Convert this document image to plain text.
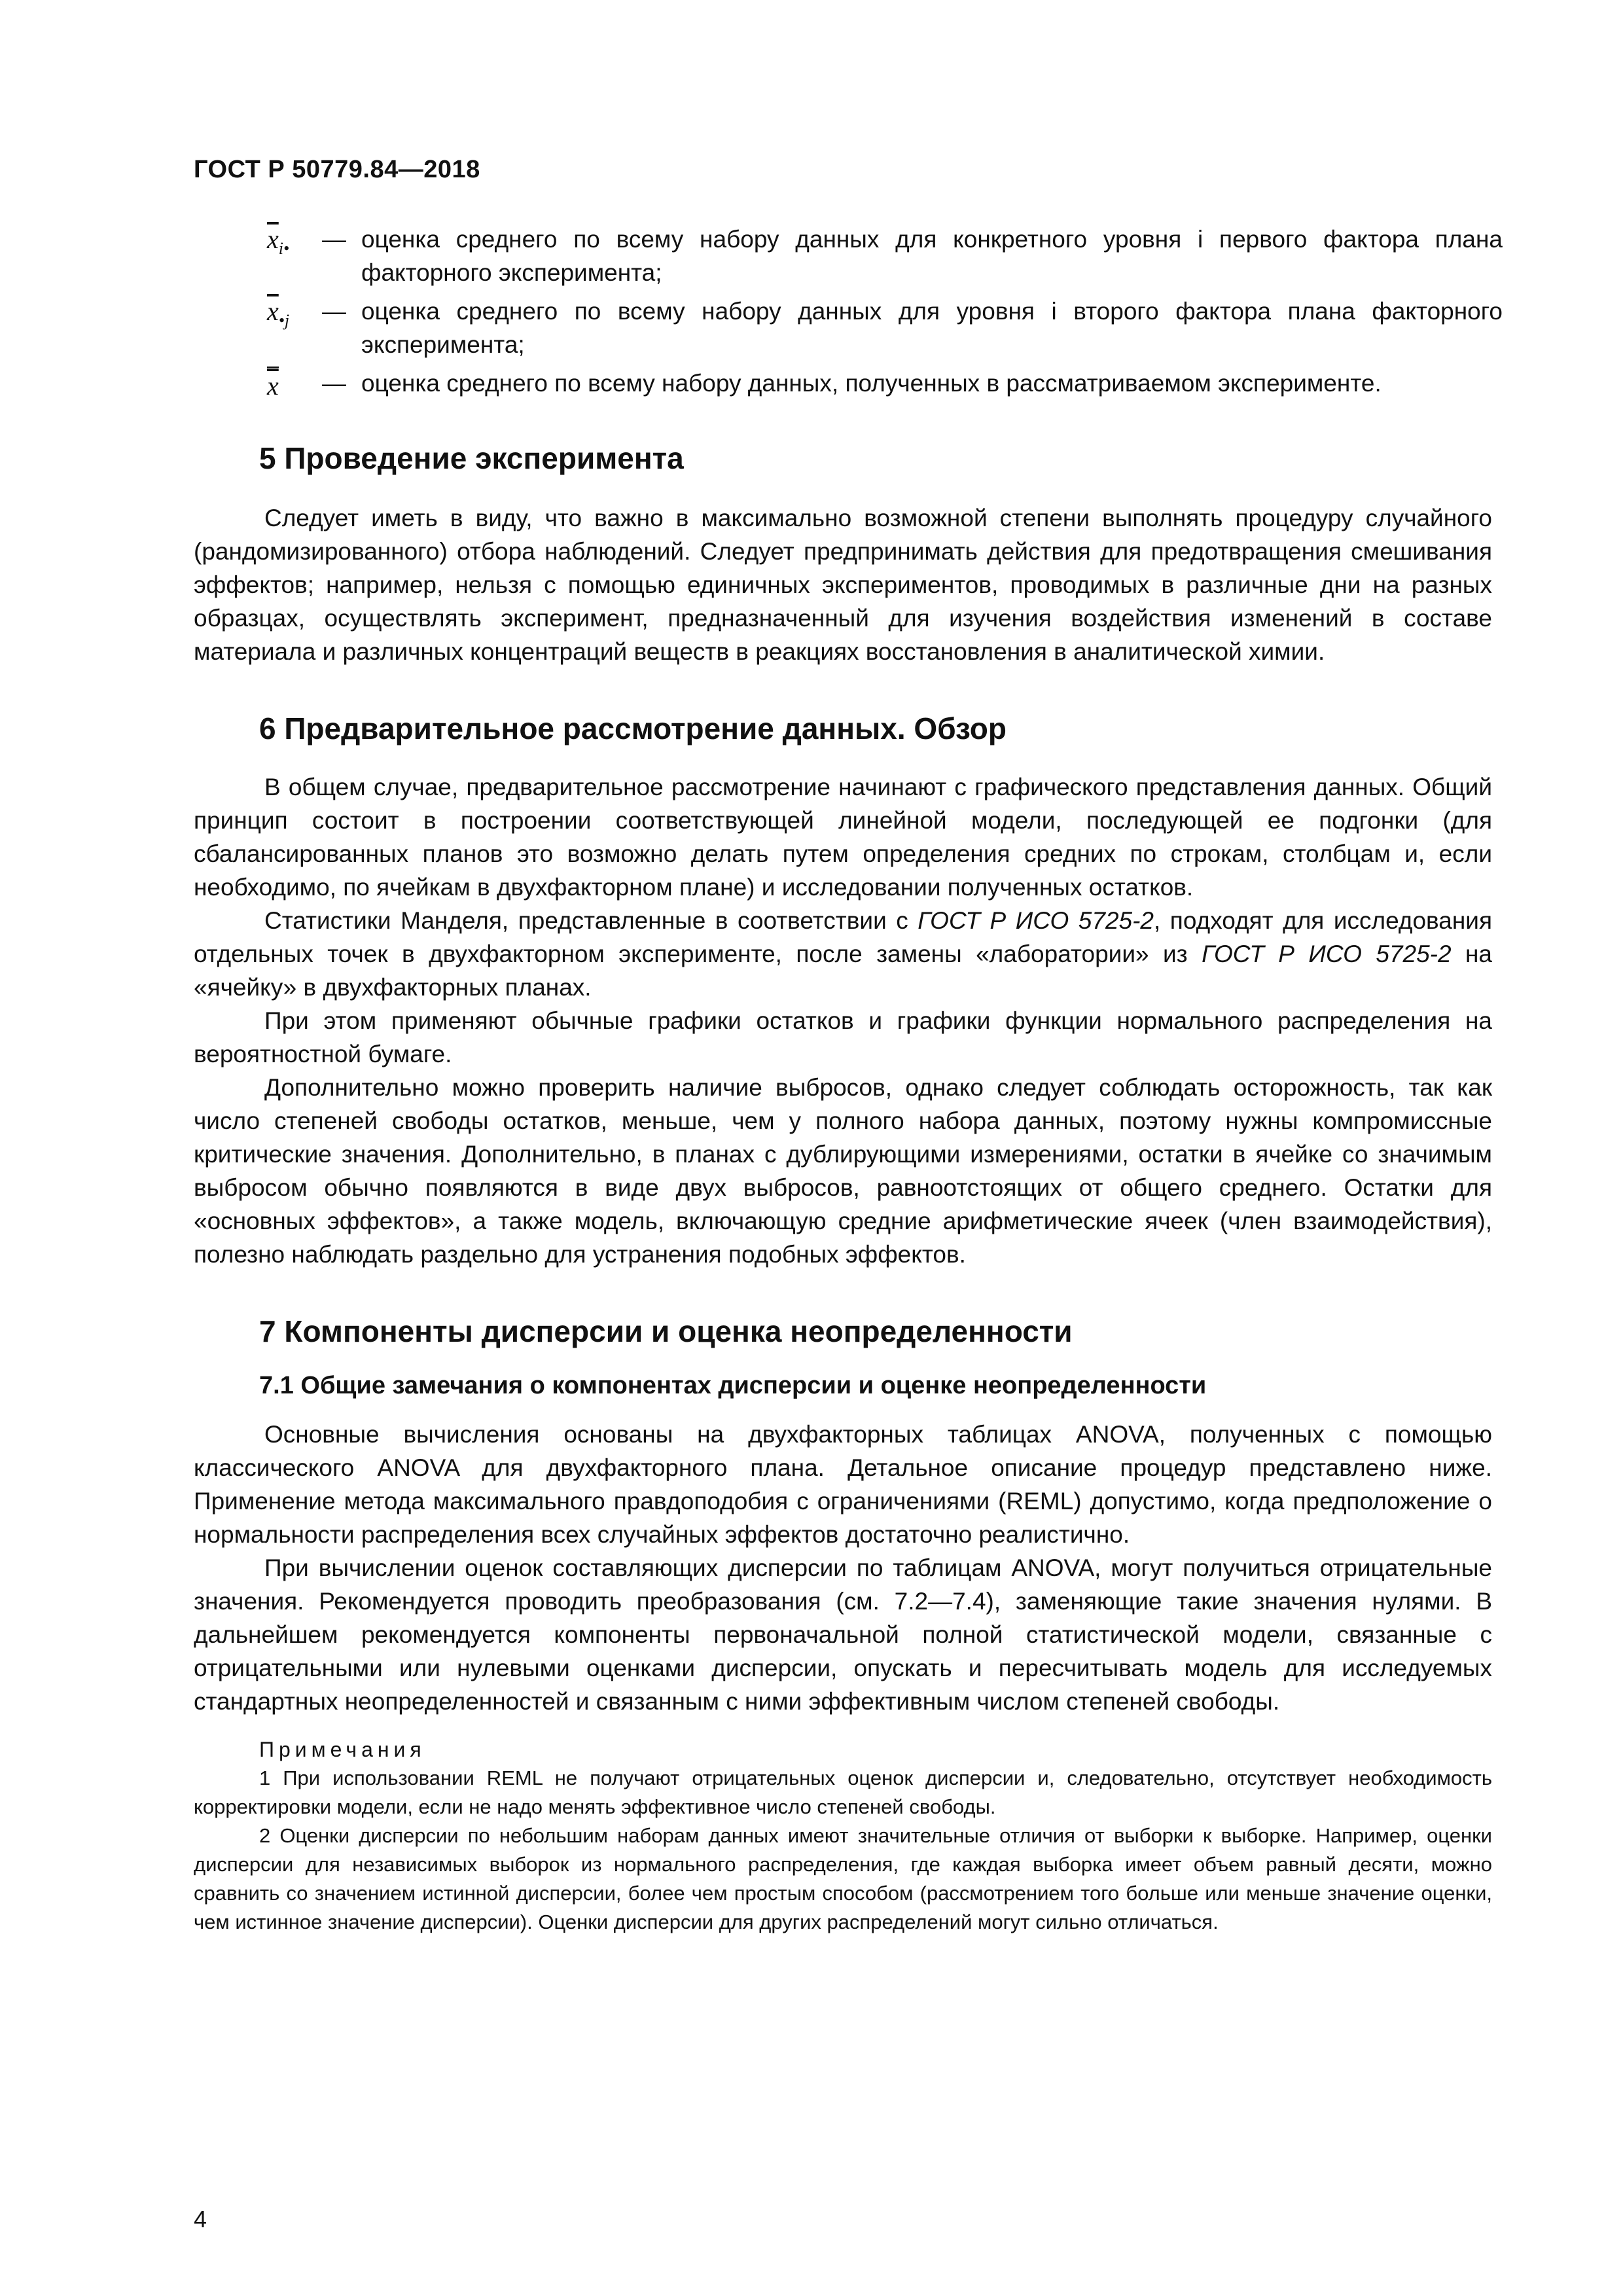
ГОСТ Р 50779.84—2018
$\overline{x}_{i•}$	— оценка среднего по всему набору данных для конкретного уровня i первого фактора плана факторного эксперимента;
$\overline{x}_{•j}$	— оценка среднего по всему набору данных для уровня i второго фактора плана факторного эксперимента;
$\overline{x}$	— оценка среднего по всему набору данных, полученных в рассматриваемом эксперименте.
5 Проведение эксперимента

Следует иметь в виду, что важно в максимально возможной степени выполнять процедуру случайного (рандомизированного) отбора наблюдений. Следует предпринимать действия для предотвращения смешивания эффектов; например, нельзя с помощью единичных экспериментов, проводимых в различные дни на разных образцах, осуществлять эксперимент, предназначенный для изучения воздействия изменений в составе материала и различных концентраций веществ в реакциях восстановления в аналитической химии.

6 Предварительное рассмотрение данных. Обзор

В общем случае, предварительное рассмотрение начинают с графического представления данных. Общий принцип состоит в построении соответствующей линейной модели, последующей ее подгонки (для сбалансированных планов это возможно делать путем определения средних по строкам, столбцам и, если необходимо, по ячейкам в двухфакторном плане) и исследовании полученных остатков.

Статистики Манделя, представленные в соответствии с ГОСТ Р ИСО 5725-2, подходят для исследования отдельных точек в двухфакторном эксперименте, после замены «лаборатории» из ГОСТ Р ИСО 5725-2 на «ячейку» в двухфакторных планах.

При этом применяют обычные графики остатков и графики функции нормального распределения на вероятностной бумаге.

Дополнительно можно проверить наличие выбросов, однако следует соблюдать осторожность, так как число степеней свободы остатков, меньше, чем у полного набора данных, поэтому нужны компромиссные критические значения. Дополнительно, в планах с дублирующими измерениями, остатки в ячейке со значимым выбросом обычно появляются в виде двух выбросов, равноотстоящих от общего среднего. Остатки для «основных эффектов», а также модель, включающую средние арифметические ячеек (член взаимодействия), полезно наблюдать раздельно для устранения подобных эффектов.

7 Компоненты дисперсии и оценка неопределенности
7.1 Общие замечания о компонентах дисперсии и оценке неопределенности

Основные вычисления основаны на двухфакторных таблицах ANOVA, полученных с помощью классического ANOVA для двухфакторного плана. Детальное описание процедур представлено ниже. Применение метода максимального правдоподобия с ограничениями (REML) допустимо, когда предположение о нормальности распределения всех случайных эффектов достаточно реалистично.

При вычислении оценок составляющих дисперсии по таблицам ANOVA, могут получиться отрицательные значения. Рекомендуется проводить преобразования (см. 7.2—7.4), заменяющие такие значения нулями. В дальнейшем рекомендуется компоненты первоначальной полной статистической модели, связанные с отрицательными или нулевыми оценками дисперсии, опускать и пересчитывать модель для исследуемых стандартных неопределенностей и связанным с ними эффективным числом степеней свободы.

Примечания

1 При использовании REML не получают отрицательных оценок дисперсии и, следовательно, отсутствует необходимость корректировки модели, если не надо менять эффективное число степеней свободы.

2 Оценки дисперсии по небольшим наборам данных имеют значительные отличия от выборки к выборке. Например, оценки дисперсии для независимых выборок из нормального распределения, где каждая выборка имеет объем равный десяти, можно сравнить со значением истинной дисперсии, более чем простым способом (рассмотрением того больше или меньше значение оценки, чем истинное значение дисперсии). Оценки дисперсии для других распределений могут сильно отличаться.

4
